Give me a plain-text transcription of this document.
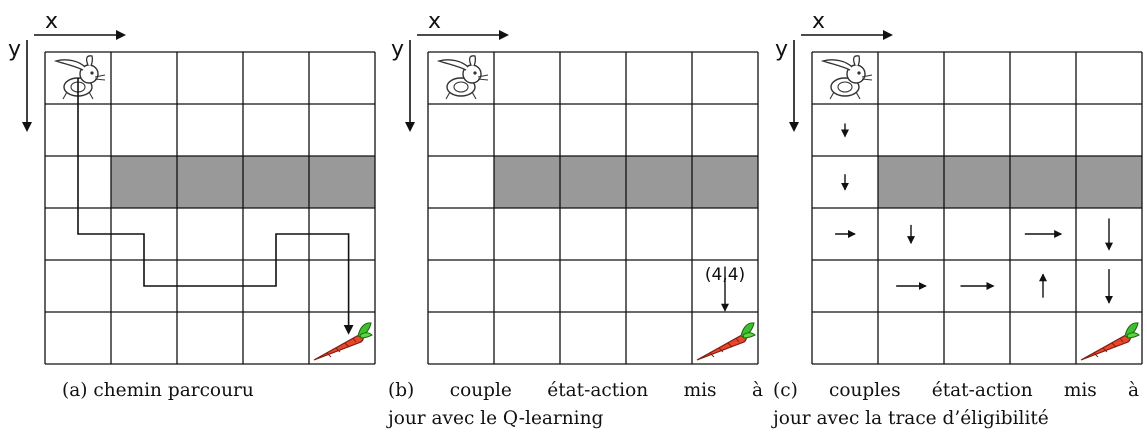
x
y
x
y
(4,4)
x
y
(a) chemin parcouru	(b) couple état-action mis à
jour avec le Q-learning
(c) couples état-action mis à
jour avec la trace d’éligibilité
